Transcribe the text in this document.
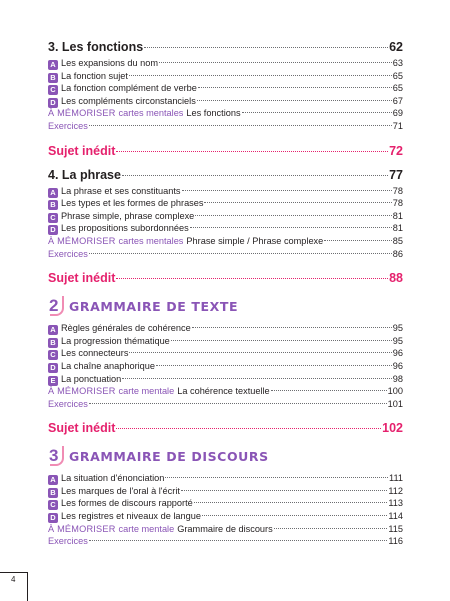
3. Les fonctions	62
A Les expansions du nom	63
B La fonction sujet	65
C La fonction complément de verbe	65
D Les compléments circonstanciels	67
À MÉMORISER cartes mentales Les fonctions	69
Exercices	71
Sujet inédit	72
4. La phrase	77
A La phrase et ses constituants	78
B Les types et les formes de phrases	78
C Phrase simple, phrase complexe	81
D Les propositions subordonnées	81
À MÉMORISER cartes mentales Phrase simple / Phrase complexe	85
Exercices	86
Sujet inédit	88
2 GRAMMAIRE DE TEXTE
A Règles générales de cohérence	95
B La progression thématique	95
C Les connecteurs	96
D La chaîne anaphorique	96
E La ponctuation	98
À MÉMORISER carte mentale La cohérence textuelle	100
Exercices	101
Sujet inédit	102
3 GRAMMAIRE DE DISCOURS
A La situation d'énonciation	111
B Les marques de l'oral à l'écrit	112
C Les formes de discours rapporté	113
D Les registres et niveaux de langue	114
À MÉMORISER carte mentale Grammaire de discours	115
Exercices	116
4
